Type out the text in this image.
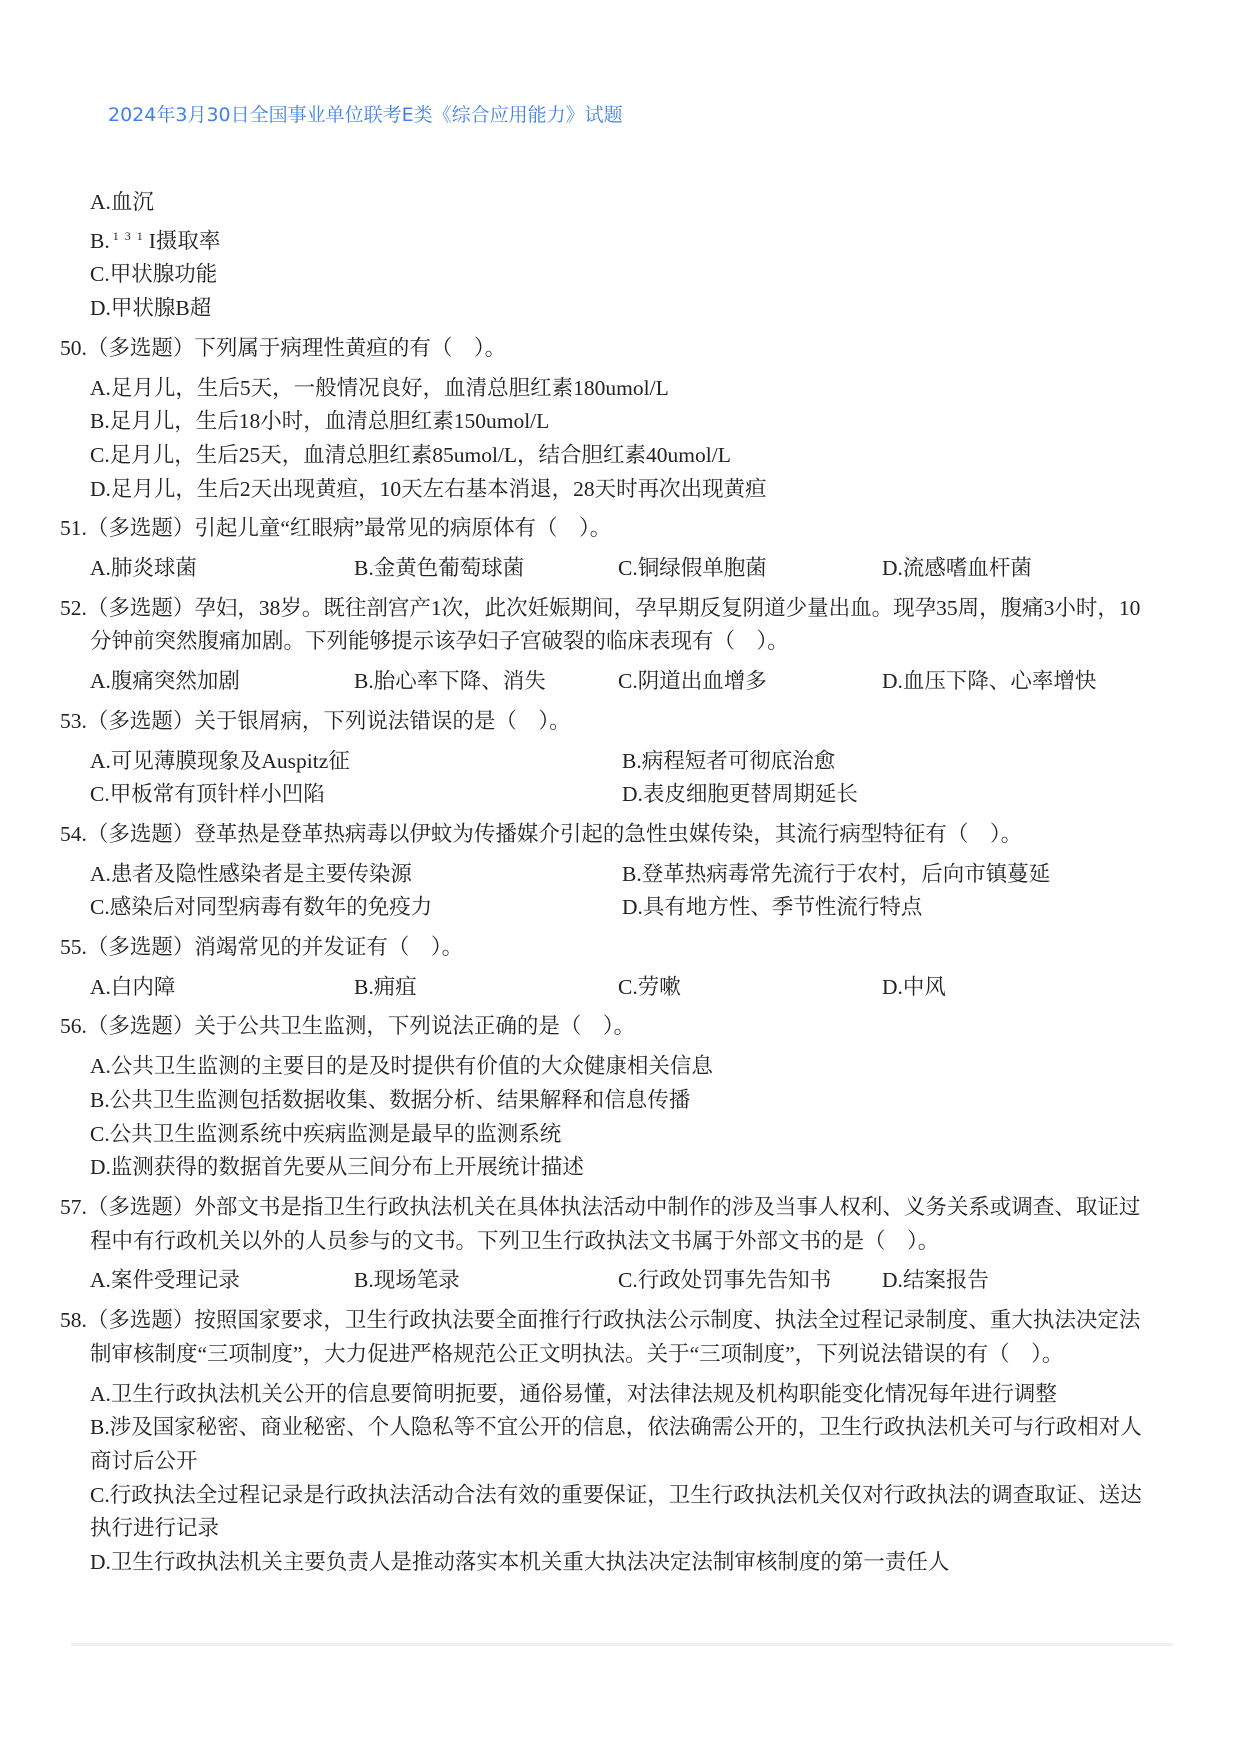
2024年3月30日全国事业单位联考E类《综合应用能力》试题
A.血沉
B. $^{131}$I摄取率
C.甲状腺功能
D.甲状腺B超
50.（多选题）下列属于病理性黄疸的有（　）。
A.足月儿，生后5天，一般情况良好，血清总胆红素180umol/L
B.足月儿，生后18小时，血清总胆红素150umol/L
C.足月儿，生后25天，血清总胆红素85umol/L，结合胆红素40umol/L
D.足月儿，生后2天出现黄疸，10天左右基本消退，28天时再次出现黄疸
51.（多选题）引起儿童“红眼病”最常见的病原体有（　）。
A.肺炎球菌	B.金黄色葡萄球菌	C.铜绿假单胞菌	D.流感嗜血杆菌
52.（多选题）孕妇，38岁。既往剖宫产1次，此次妊娠期间，孕早期反复阴道少量出血。现孕35周，腹痛3小时，10分钟前突然腹痛加剧。下列能够提示该孕妇子宫破裂的临床表现有（　）。
A.腹痛突然加剧	B.胎心率下降、消失	C.阴道出血增多	D.血压下降、心率增快
53.（多选题）关于银屑病，下列说法错误的是（　）。
A.可见薄膜现象及Auspitz征	B.病程短者可彻底治愈
C.甲板常有顶针样小凹陷	D.表皮细胞更替周期延长
54.（多选题）登革热是登革热病毒以伊蚊为传播媒介引起的急性虫媒传染，其流行病型特征有（　）。
A.患者及隐性感染者是主要传染源	B.登革热病毒常先流行于农村，后向市镇蔓延
C.感染后对同型病毒有数年的免疫力	D.具有地方性、季节性流行特点
55.（多选题）消竭常见的并发证有（　）。
A.白内障	B.痈疽	C.劳嗽	D.中风
56.（多选题）关于公共卫生监测，下列说法正确的是（　）。
A.公共卫生监测的主要目的是及时提供有价值的大众健康相关信息
B.公共卫生监测包括数据收集、数据分析、结果解释和信息传播
C.公共卫生监测系统中疾病监测是最早的监测系统
D.监测获得的数据首先要从三间分布上开展统计描述
57.（多选题）外部文书是指卫生行政执法机关在具体执法活动中制作的涉及当事人权利、义务关系或调查、取证过程中有行政机关以外的人员参与的文书。下列卫生行政执法文书属于外部文书的是（　）。
A.案件受理记录	B.现场笔录	C.行政处罚事先告知书	D.结案报告
58.（多选题）按照国家要求，卫生行政执法要全面推行行政执法公示制度、执法全过程记录制度、重大执法决定法制审核制度“三项制度”，大力促进严格规范公正文明执法。关于“三项制度”，下列说法错误的有（　）。
A.卫生行政执法机关公开的信息要简明扼要，通俗易懂，对法律法规及机构职能变化情况每年进行调整
B.涉及国家秘密、商业秘密、个人隐私等不宜公开的信息，依法确需公开的，卫生行政执法机关可与行政相对人商讨后公开
C.行政执法全过程记录是行政执法活动合法有效的重要保证，卫生行政执法机关仅对行政执法的调查取证、送达执行进行记录
D.卫生行政执法机关主要负责人是推动落实本机关重大执法决定法制审核制度的第一责任人
